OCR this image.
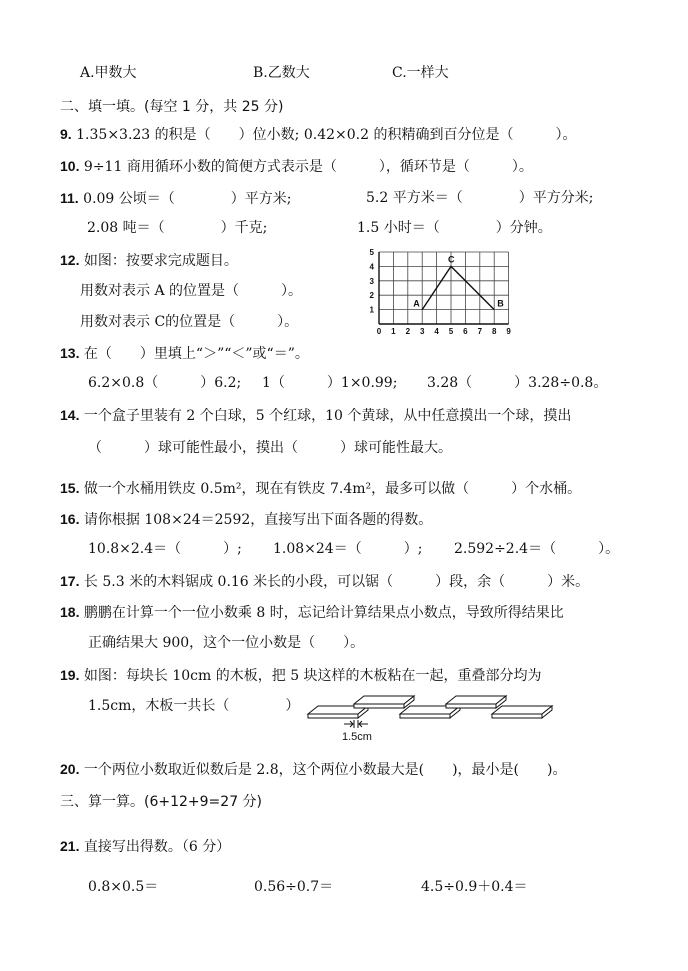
A.甲数大	B.乙数大	C.一样大
二、填一填。(每空 1 分，共 25 分)
9. 1.35×3.23 的积是（　　）位小数; 0.42×0.2 的积精确到百分位是（　　　）。
10. 9÷11 商用循环小数的简便方式表示是（　　　），循环节是（　　　）。
11. 0.09 公顷＝（　　　　）平方米;	5.2 平方米＝（　　　　）平方分米;
2.08 吨＝（　　　　）千克;	1.5 小时＝（　　　　）分钟。
12. 如图：按要求完成题目。
用数对表示 A 的位置是（　　　）。
用数对表示 C的位置是（　　　）。
0 1 2 3 4 5 6 7 8 9
1
2
3
4
5
A
C
B
13. 在（　　）里填上“＞”“＜”或“＝”。
6.2×0.8（　　　）6.2; 1（　　　）1×0.99; 3.28（　　　）3.28÷0.8。
14. 一个盒子里装有 2 个白球，5 个红球，10 个黄球，从中任意摸出一个球，摸出
（　　　）球可能性最小，摸出（　　　）球可能性最大。
15. 做一个水桶用铁皮 0.5m²，现在有铁皮 7.4m²，最多可以做（　　　）个水桶。
16. 请你根据 108×24＝2592，直接写出下面各题的得数。
10.8×2.4＝（　　　）; 1.08×24＝（　　　）; 2.592÷2.4＝（　　　）。
17. 长 5.3 米的木料锯成 0.16 米长的小段，可以锯（　　　）段，余（　　　）米。
18. 鹏鹏在计算一个一位小数乘 8 时，忘记给计算结果点小数点，导致所得结果比
正确结果大 900，这个一位小数是（　　）。
19. 如图：每块长 10cm 的木板，把 5 块这样的木板粘在一起，重叠部分均为
1.5cm，木板一共长（　　　　）
1.5cm
20. 一个两位小数取近似数后是 2.8，这个两位小数最大是(　　)，最小是(　　)。
三、算一算。(6+12+9=27 分)
21. 直接写出得数。（6 分）
0.8×0.5＝	0.56÷0.7＝	4.5÷0.9＋0.4＝
